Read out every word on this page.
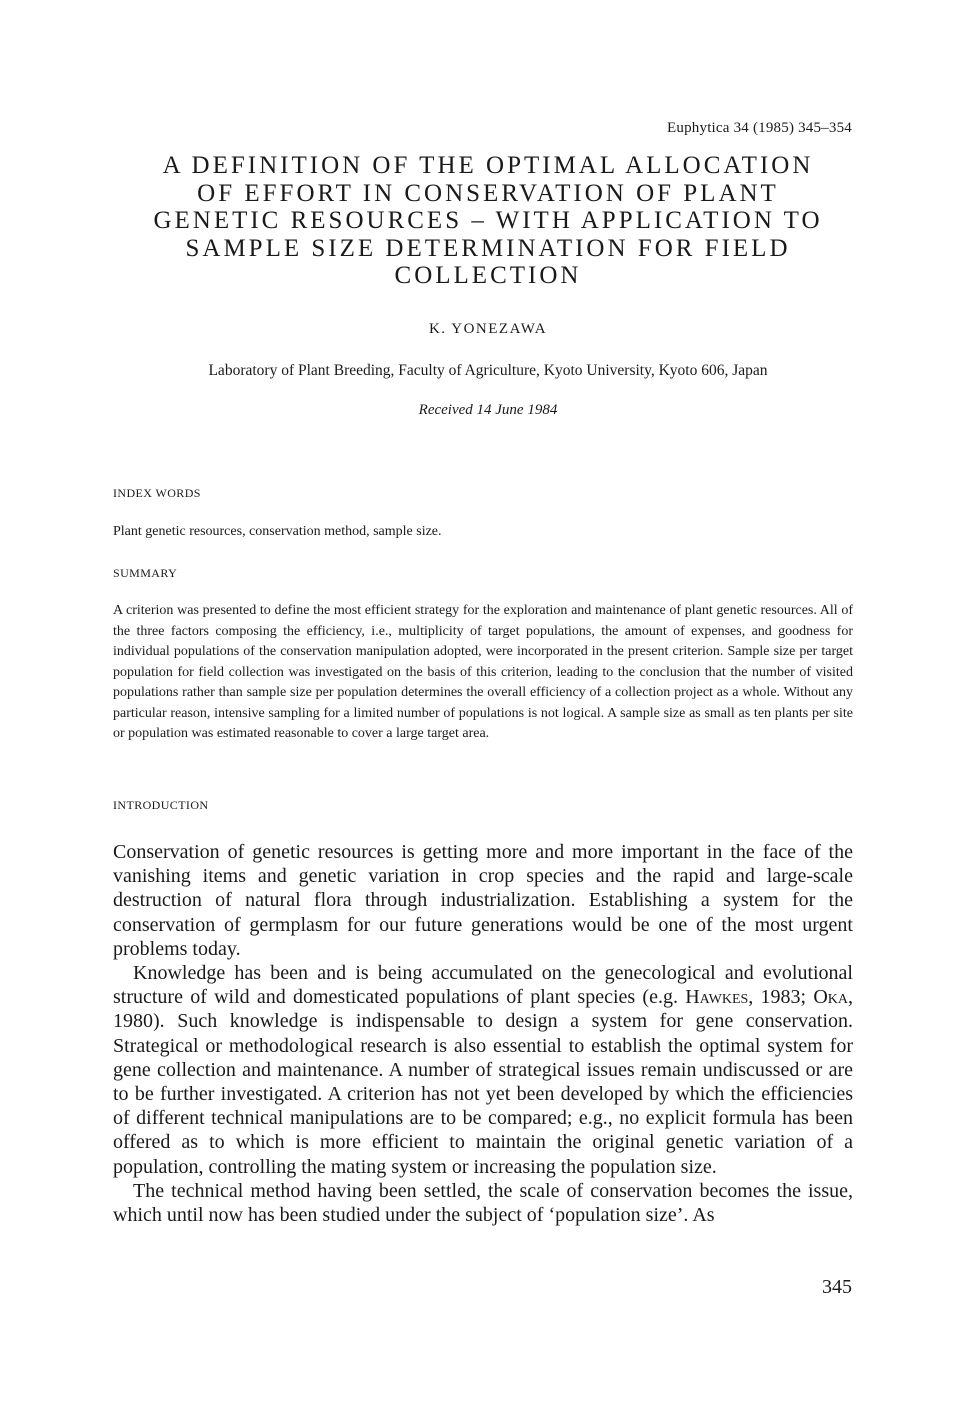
Euphytica 34 (1985) 345–354
A DEFINITION OF THE OPTIMAL ALLOCATION
OF EFFORT IN CONSERVATION OF PLANT
GENETIC RESOURCES – WITH APPLICATION TO
SAMPLE SIZE DETERMINATION FOR FIELD
COLLECTION
K. YONEZAWA
Laboratory of Plant Breeding, Faculty of Agriculture, Kyoto University, Kyoto 606, Japan
Received 14 June 1984
INDEX WORDS

Plant genetic resources, conservation method, sample size.

SUMMARY

A criterion was presented to define the most efficient strategy for the exploration and maintenance of plant genetic resources. All of the three factors composing the efficiency, i.e., multiplicity of target populations, the amount of expenses, and goodness for individual populations of the conservation manipulation adopted, were incorporated in the present criterion. Sample size per target population for field collection was investigated on the basis of this criterion, leading to the conclusion that the number of visited populations rather than sample size per population determines the overall efficiency of a collection project as a whole. Without any particular reason, intensive sampling for a limited number of populations is not logical. A sample size as small as ten plants per site or population was estimated reasonable to cover a large target area.

INTRODUCTION

Conservation of genetic resources is getting more and more important in the face of the vanishing items and genetic variation in crop species and the rapid and large-scale destruction of natural flora through industrialization. Establishing a system for the conservation of germplasm for our future generations would be one of the most urgent problems today.

Knowledge has been and is being accumulated on the genecological and evolutional structure of wild and domesticated populations of plant species (e.g. Hawkes, 1983; Oka, 1980). Such knowledge is indispensable to design a system for gene conservation. Strategical or methodological research is also essential to establish the optimal system for gene collection and maintenance. A number of strategical issues remain undiscussed or are to be further investigated. A criterion has not yet been developed by which the efficiencies of different technical manipulations are to be compared; e.g., no explicit formula has been offered as to which is more efficient to maintain the original genetic variation of a population, controlling the mating system or increasing the population size.

The technical method having been settled, the scale of conservation becomes the issue, which until now has been studied under the subject of ‘population size’. As

345
